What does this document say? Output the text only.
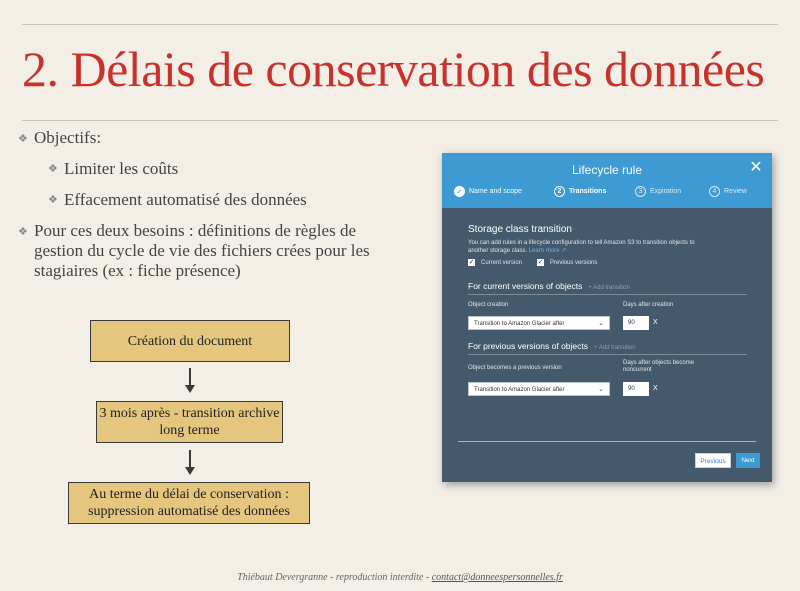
2. Délais de conservation des données
❖ Objectifs:
❖ Limiter les coûts
❖ Effacement automatisé des données
❖ Pour ces deux besoins : définitions de règles de gestion du cycle de vie des fichiers crées pour les stagiaires (ex : fiche présence)
Création du document
3 mois après - transition archive long terme
Au terme du délai de conservation : suppression automatisé des données
Lifecycle rule	✕
✓ Name and scope	2	Transitions	3	Expiration	4	Review
Storage class transition
You can add rules in a lifecycle configuration to tell Amazon S3 to transition objects to
another storage class. Learn more ↗
✓ Current version ✓ Previous versions
For current versions of objects + Add transition
Object creation	Days after creation
Transition to Amazon Glacier after	⌄	90	X
For previous versions of objects + Add transition
Object becomes a previous version
Days after objects become
noncurrent
Transition to Amazon Glacier after	⌄	90	X
Previous	Next
Thiébaut Devergranne - reproduction interdite - contact@donneespersonnelles.fr
